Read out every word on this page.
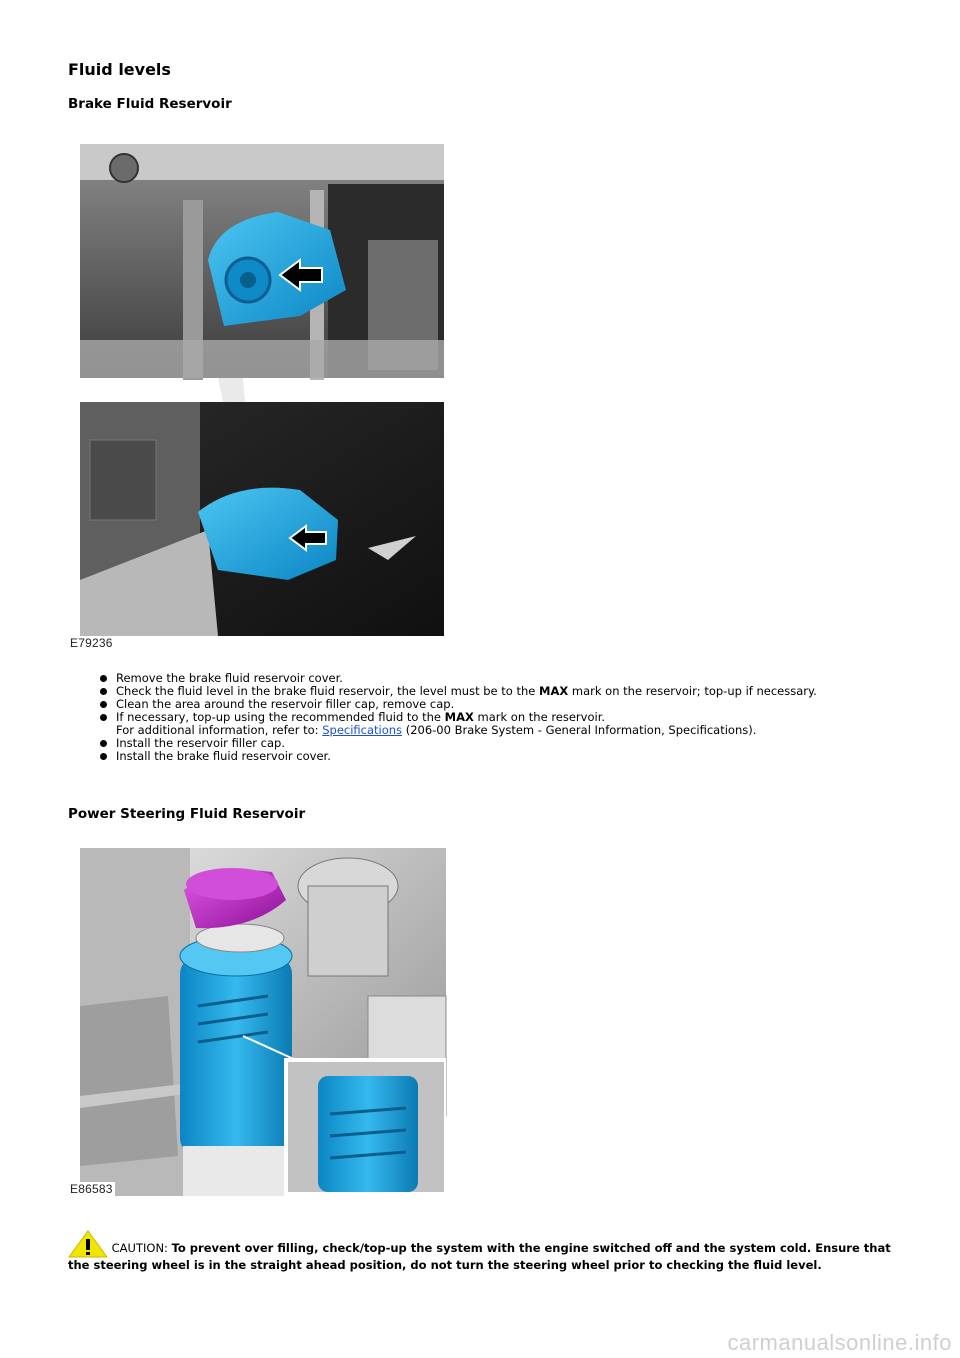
Fluid levels
Brake Fluid Reservoir
E79236
Remove the brake fluid reservoir cover.
Check the fluid level in the brake fluid reservoir, the level must be to the MAX mark on the reservoir; top-up if necessary.
Clean the area around the reservoir filler cap, remove cap.
If necessary, top-up using the recommended fluid to the MAX mark on the reservoir.
For additional information, refer to: Specifications (206-00 Brake System - General Information, Specifications).
Install the reservoir filler cap.
Install the brake fluid reservoir cover.
Power Steering Fluid Reservoir
E86583
CAUTION: To prevent over filling, check/top-up the system with the engine switched off and the system cold. Ensure that the steering wheel is in the straight ahead position, do not turn the steering wheel prior to checking the fluid level.
carmanualsonline.info
